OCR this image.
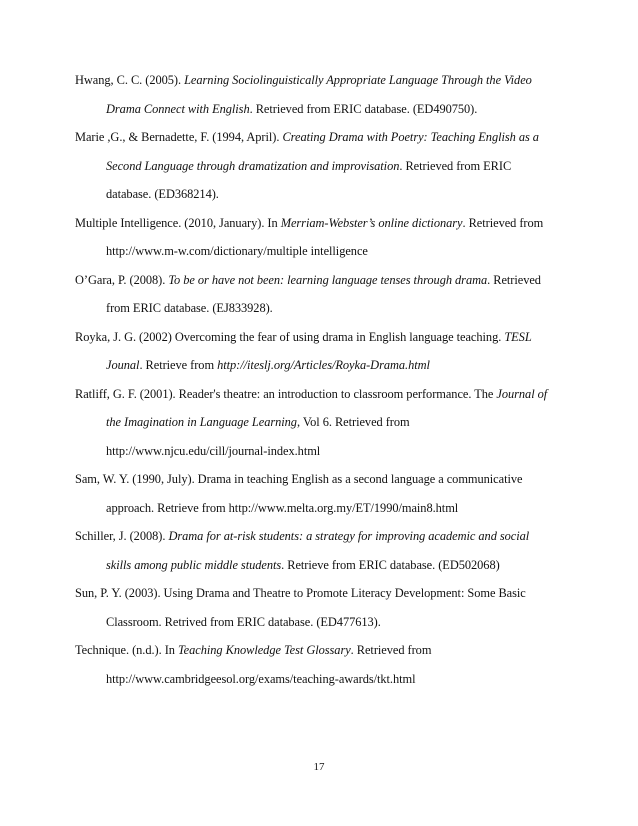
Hwang, C. C. (2005). Learning Sociolinguistically Appropriate Language Through the Video
Drama Connect with English. Retrieved from ERIC database. (ED490750).
Marie ,G., & Bernadette, F. (1994, April). Creating Drama with Poetry: Teaching English as a
Second Language through dramatization and improvisation. Retrieved from ERIC
database. (ED368214).
Multiple Intelligence. (2010, January). In Merriam-Webster’s online dictionary. Retrieved from
http://www.m-w.com/dictionary/multiple intelligence
O’Gara, P. (2008). To be or have not been: learning language tenses through drama. Retrieved
from ERIC database. (EJ833928).
Royka, J. G. (2002) Overcoming the fear of using drama in English language teaching. TESL
Jounal. Retrieve from http://iteslj.org/Articles/Royka-Drama.html
Ratliff, G. F. (2001). Reader's theatre: an introduction to classroom performance. The Journal of
the Imagination in Language Learning, Vol 6. Retrieved from
http://www.njcu.edu/cill/journal-index.html
Sam, W. Y. (1990, July). Drama in teaching English as a second language a communicative
approach. Retrieve from http://www.melta.org.my/ET/1990/main8.html
Schiller, J. (2008). Drama for at-risk students: a strategy for improving academic and social
skills among public middle students. Retrieve from ERIC database. (ED502068)
Sun, P. Y. (2003). Using Drama and Theatre to Promote Literacy Development: Some Basic
Classroom. Retrived from ERIC database. (ED477613).
Technique. (n.d.). In Teaching Knowledge Test Glossary. Retrieved from
http://www.cambridgeesol.org/exams/teaching-awards/tkt.html
17
